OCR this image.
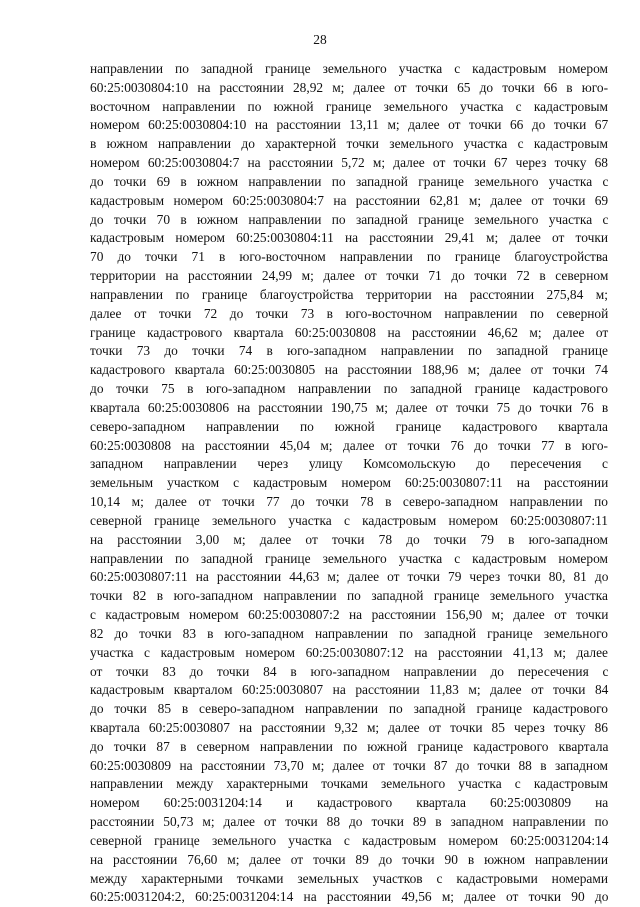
28
направлении по западной границе земельного участка с кадастровым номером
60:25:0030804:10 на расстоянии 28,92 м; далее от точки 65 до точки 66 в юго-
восточном направлении по южной границе земельного участка с кадастровым
номером 60:25:0030804:10 на расстоянии 13,11 м; далее от точки 66 до точки 67
в южном направлении до характерной точки земельного участка с кадастровым
номером 60:25:0030804:7 на расстоянии 5,72 м; далее от точки 67 через точку 68
до точки 69 в южном направлении по западной границе земельного участка с
кадастровым номером 60:25:0030804:7 на расстоянии 62,81 м; далее от точки 69
до точки 70 в южном направлении по западной границе земельного участка с
кадастровым номером 60:25:0030804:11 на расстоянии 29,41 м; далее от точки
70 до точки 71 в юго-восточном направлении по границе благоустройства
территории на расстоянии 24,99 м; далее от точки 71 до точки 72 в северном
направлении по границе благоустройства территории на расстоянии 275,84 м;
далее от точки 72 до точки 73 в юго-восточном направлении по северной
границе кадастрового квартала 60:25:0030808 на расстоянии 46,62 м; далее от
точки 73 до точки 74 в юго-западном направлении по западной границе
кадастрового квартала 60:25:0030805 на расстоянии 188,96 м; далее от точки 74
до точки 75 в юго-западном направлении по западной границе кадастрового
квартала 60:25:0030806 на расстоянии 190,75 м; далее от точки 75 до точки 76 в
северо-западном направлении по южной границе кадастрового квартала
60:25:0030808 на расстоянии 45,04 м; далее от точки 76 до точки 77 в юго-
западном направлении через улицу Комсомольскую до пересечения с
земельным участком с кадастровым номером 60:25:0030807:11 на расстоянии
10,14 м; далее от точки 77 до точки 78 в северо-западном направлении по
северной границе земельного участка с кадастровым номером 60:25:0030807:11
на расстоянии 3,00 м; далее от точки 78 до точки 79 в юго-западном
направлении по западной границе земельного участка с кадастровым номером
60:25:0030807:11 на расстоянии 44,63 м; далее от точки 79 через точки 80, 81 до
точки 82 в юго-западном направлении по западной границе земельного участка
с кадастровым номером 60:25:0030807:2 на расстоянии 156,90 м; далее от точки
82 до точки 83 в юго-западном направлении по западной границе земельного
участка с кадастровым номером 60:25:0030807:12 на расстоянии 41,13 м; далее
от точки 83 до точки 84 в юго-западном направлении до пересечения с
кадастровым кварталом 60:25:0030807 на расстоянии 11,83 м; далее от точки 84
до точки 85 в северо-западном направлении по западной границе кадастрового
квартала 60:25:0030807 на расстоянии 9,32 м; далее от точки 85 через точку 86
до точки 87 в северном направлении по южной границе кадастрового квартала
60:25:0030809 на расстоянии 73,70 м; далее от точки 87 до точки 88 в западном
направлении между характерными точками земельного участка с кадастровым
номером 60:25:0031204:14 и кадастрового квартала 60:25:0030809 на
расстоянии 50,73 м; далее от точки 88 до точки 89 в западном направлении по
северной границе земельного участка с кадастровым номером 60:25:0031204:14
на расстоянии 76,60 м; далее от точки 89 до точки 90 в южном направлении
между характерными точками земельных участков с кадастровыми номерами
60:25:0031204:2, 60:25:0031204:14 на расстоянии 49,56 м; далее от точки 90 до
